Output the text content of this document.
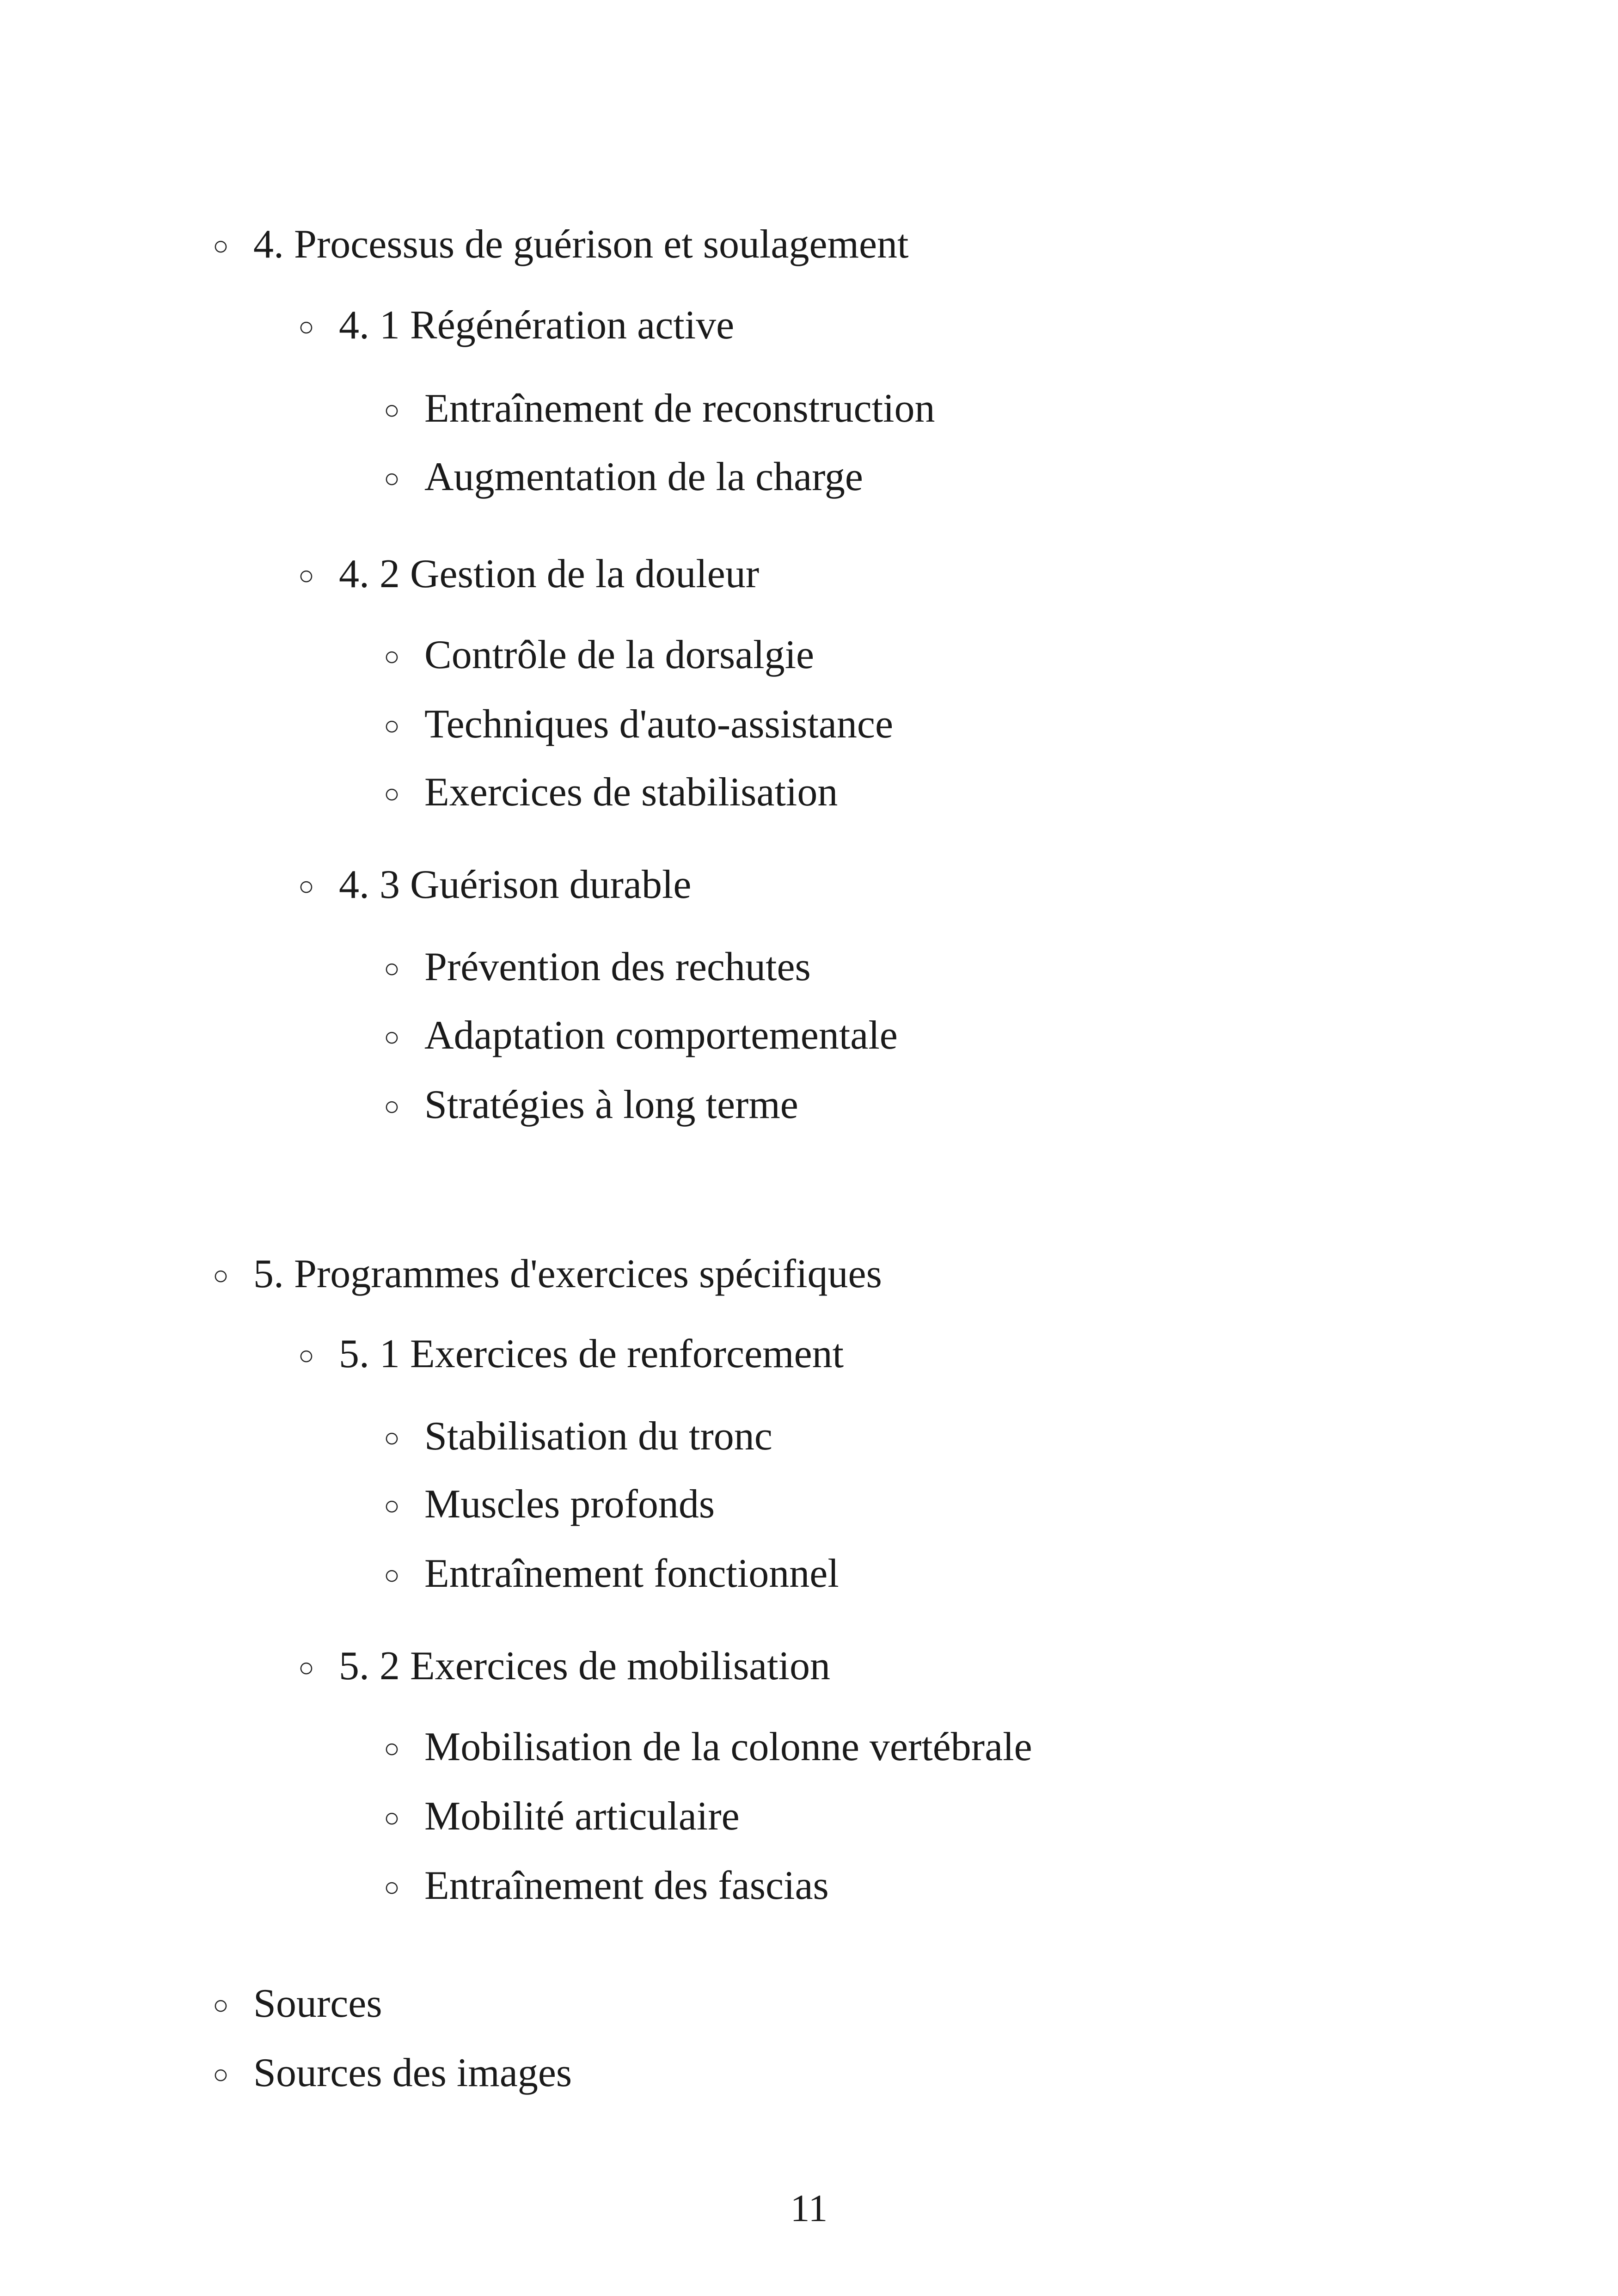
○ 4. Processus de guérison et soulagement
○ 4. 1 Régénération active
○ Entraînement de reconstruction
○ Augmentation de la charge
○ 4. 2 Gestion de la douleur
○ Contrôle de la dorsalgie
○ Techniques d'auto-assistance
○ Exercices de stabilisation
○ 4. 3 Guérison durable
○ Prévention des rechutes
○ Adaptation comportementale
○ Stratégies à long terme
○ 5. Programmes d'exercices spécifiques
○ 5. 1 Exercices de renforcement
○ Stabilisation du tronc
○ Muscles profonds
○ Entraînement fonctionnel
○ 5. 2 Exercices de mobilisation
○ Mobilisation de la colonne vertébrale
○ Mobilité articulaire
○ Entraînement des fascias
○ Sources
○ Sources des images
11
